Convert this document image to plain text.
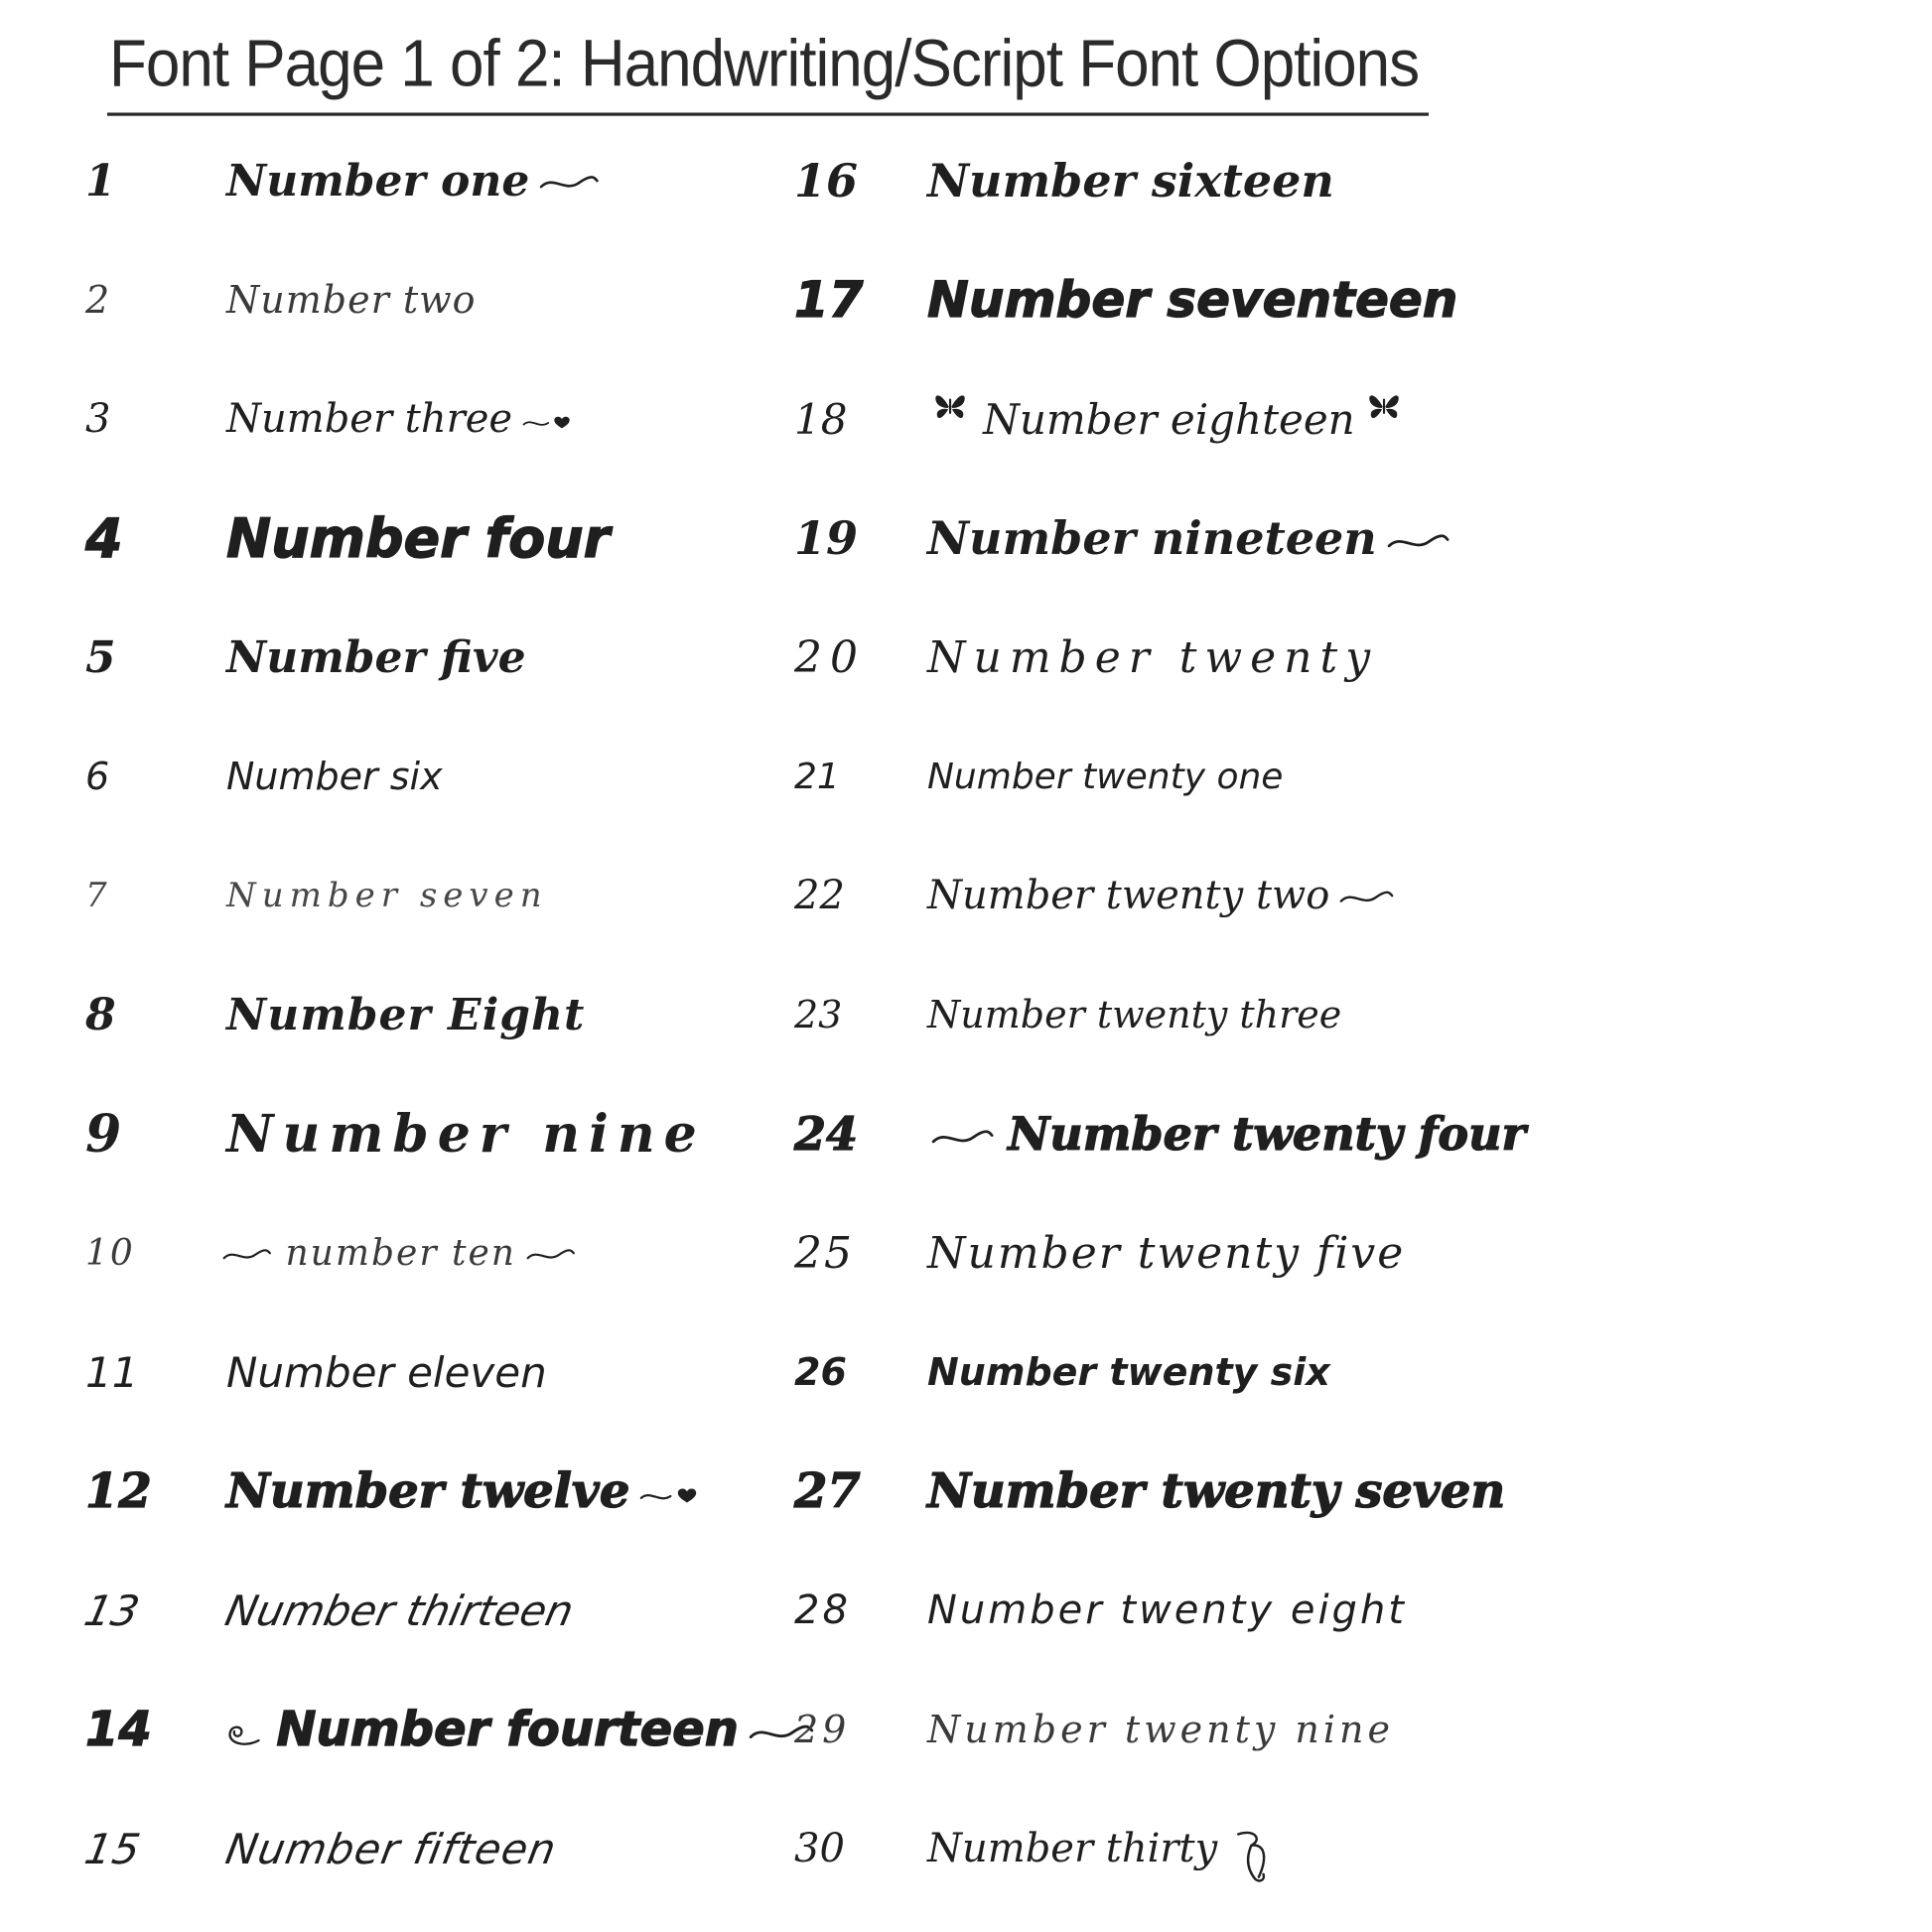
Font Page 1 of 2: Handwriting/Script Font Options
1	Number one
2	Number two
3	Number three
4	Number four
5	Number five
6	Number six
7	Number seven
8	Number Eight
9	Number nine
10	number ten
11	Number eleven
12	Number twelve
13	Number thirteen
14	Number fourteen
15	Number fifteen
16	Number sixteen
17	Number seventeen
18	Number eighteen
19	Number nineteen
20	Number twenty
21	Number twenty one
22	Number twenty two
23	Number twenty three
24	Number twenty four
25	Number twenty five
26	Number twenty six
27	Number twenty seven
28	Number twenty eight
29	Number twenty nine
30	Number thirty
